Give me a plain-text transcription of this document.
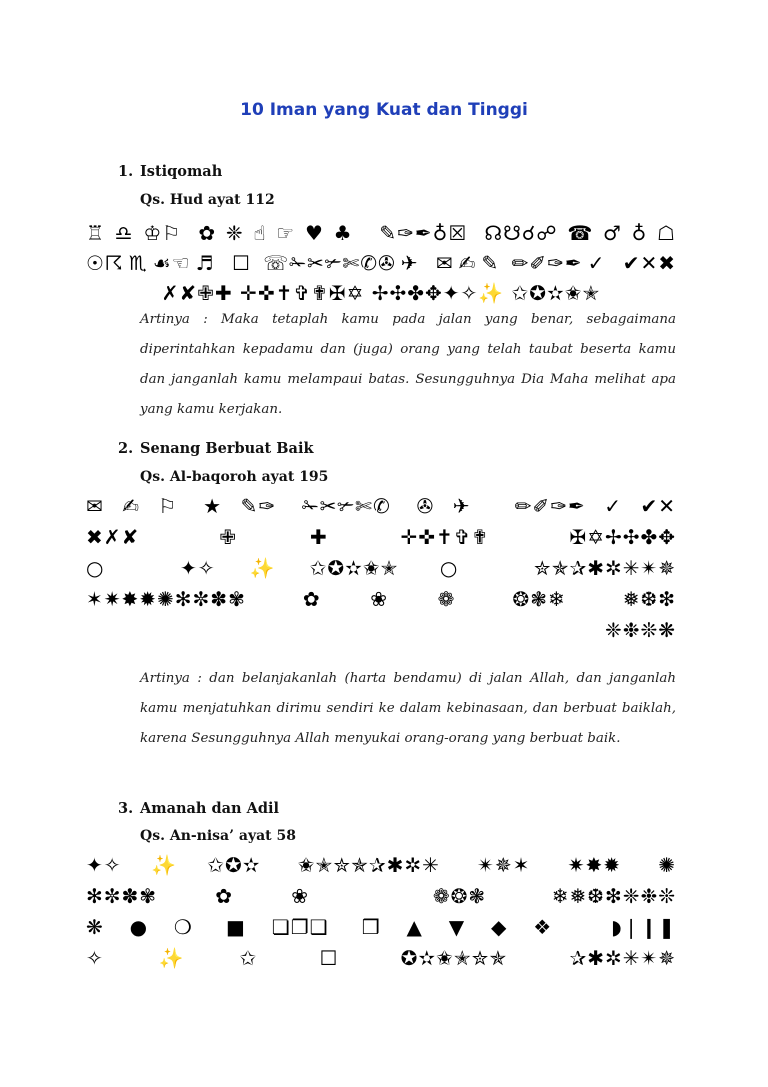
10 Iman yang Kuat dan Tinggi
1. Istiqomah
Qs. Hud ayat 112
♖♎♔⚐ ✿❈☝☞♥♣ ✎✑✒♁☒ ☊☋☌☍☎♂♁☖
☉☈♏☙☜♬ ☐ ☏✁✂✃✄✆✇✈ ✉✍✎ ✏✐✑✒✓ ✔✕✖
✗✘✙✚ ✛✜✝✞✟✠✡ ✢✣✤✥✦✧✨ ✩✪✫✬✭
Artinya : Maka tetaplah kamu pada jalan yang benar, sebagaimana diperintahkan kepadamu dan (juga) orang yang telah taubat beserta kamu dan janganlah kamu melampaui batas. Sesungguhnya Dia Maha melihat apa yang kamu kerjakan.
2. Senang Berbuat Baik
Qs. Al-baqoroh ayat 195
✉✍⚐ ★✎✑ ✁✂✃✄✆ ✇✈ ✏✐✑✒✓✔✕
✖✗✘ ✙✚✛✜✝✞✟ ✠✡✢✣✤✥
○ ✦✧✨✩✪✫✬✭ ○ ✮✯✰✱✲✳✴✵
✶✷✸✹✺✻✼✽✾ ✿❀❁ ❂❃❄ ❅❆❇
❈❉❊❋
Artinya : dan belanjakanlah (harta bendamu) di jalan Allah, dan janganlah kamu menjatuhkan dirimu sendiri ke dalam kebinasaan, dan berbuat baiklah, karena Sesungguhnya Allah menyukai orang-orang yang berbuat baik.
3. Amanah dan Adil
Qs. An-nisa’ ayat 58
✦✧✨✩✪✫ ✬✭✮✯✰✱✲✳ ✴✵✶ ✷✸✹ ✺
✻✼✽✾✿❀ ❁❂❃ ❄❅❆❇❈❉❊
❋●❍ ■❏❐❑ ❒▲▼◆❖ ◗❘❙❚
✧✨✩ ☐ ✪✫✬✭✮✯ ✰✱✲✳✴✵
